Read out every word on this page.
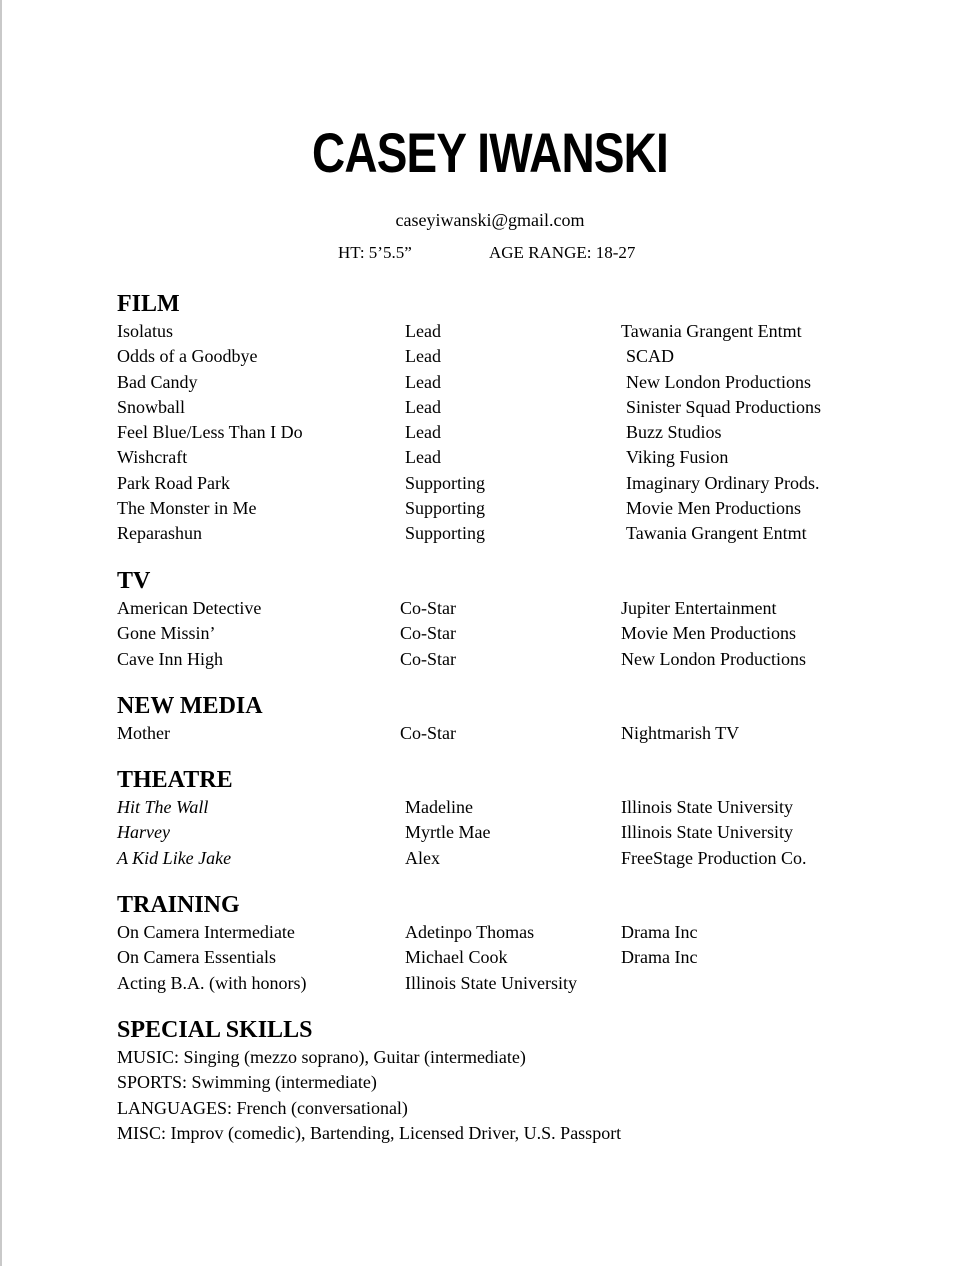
CASEY IWANSKI
caseyiwanski@gmail.com
HT: 5’5.5”	AGE RANGE: 18-27
FILM
Isolatus	Lead	Tawania Grangent Entmt
Odds of a Goodbye	Lead	SCAD
Bad Candy	Lead	New London Productions
Snowball	Lead	Sinister Squad Productions
Feel Blue/Less Than I Do	Lead	Buzz Studios
Wishcraft	Lead	Viking Fusion
Park Road Park	Supporting	Imaginary Ordinary Prods.
The Monster in Me	Supporting	Movie Men Productions
Reparashun	Supporting	Tawania Grangent Entmt
TV
American Detective	Co-Star	Jupiter Entertainment
Gone Missin’	Co-Star	Movie Men Productions
Cave Inn High	Co-Star	New London Productions
NEW MEDIA
Mother	Co-Star	Nightmarish TV
THEATRE
Hit The Wall	Madeline	Illinois State University
Harvey	Myrtle Mae	Illinois State University
A Kid Like Jake	Alex	FreeStage Production Co.
TRAINING
On Camera Intermediate	Adetinpo Thomas	Drama Inc
On Camera Essentials	Michael Cook	Drama Inc
Acting B.A. (with honors)	Illinois State University
SPECIAL SKILLS
MUSIC: Singing (mezzo soprano), Guitar (intermediate)
SPORTS: Swimming (intermediate)
LANGUAGES: French (conversational)
MISC: Improv (comedic), Bartending, Licensed Driver, U.S. Passport
